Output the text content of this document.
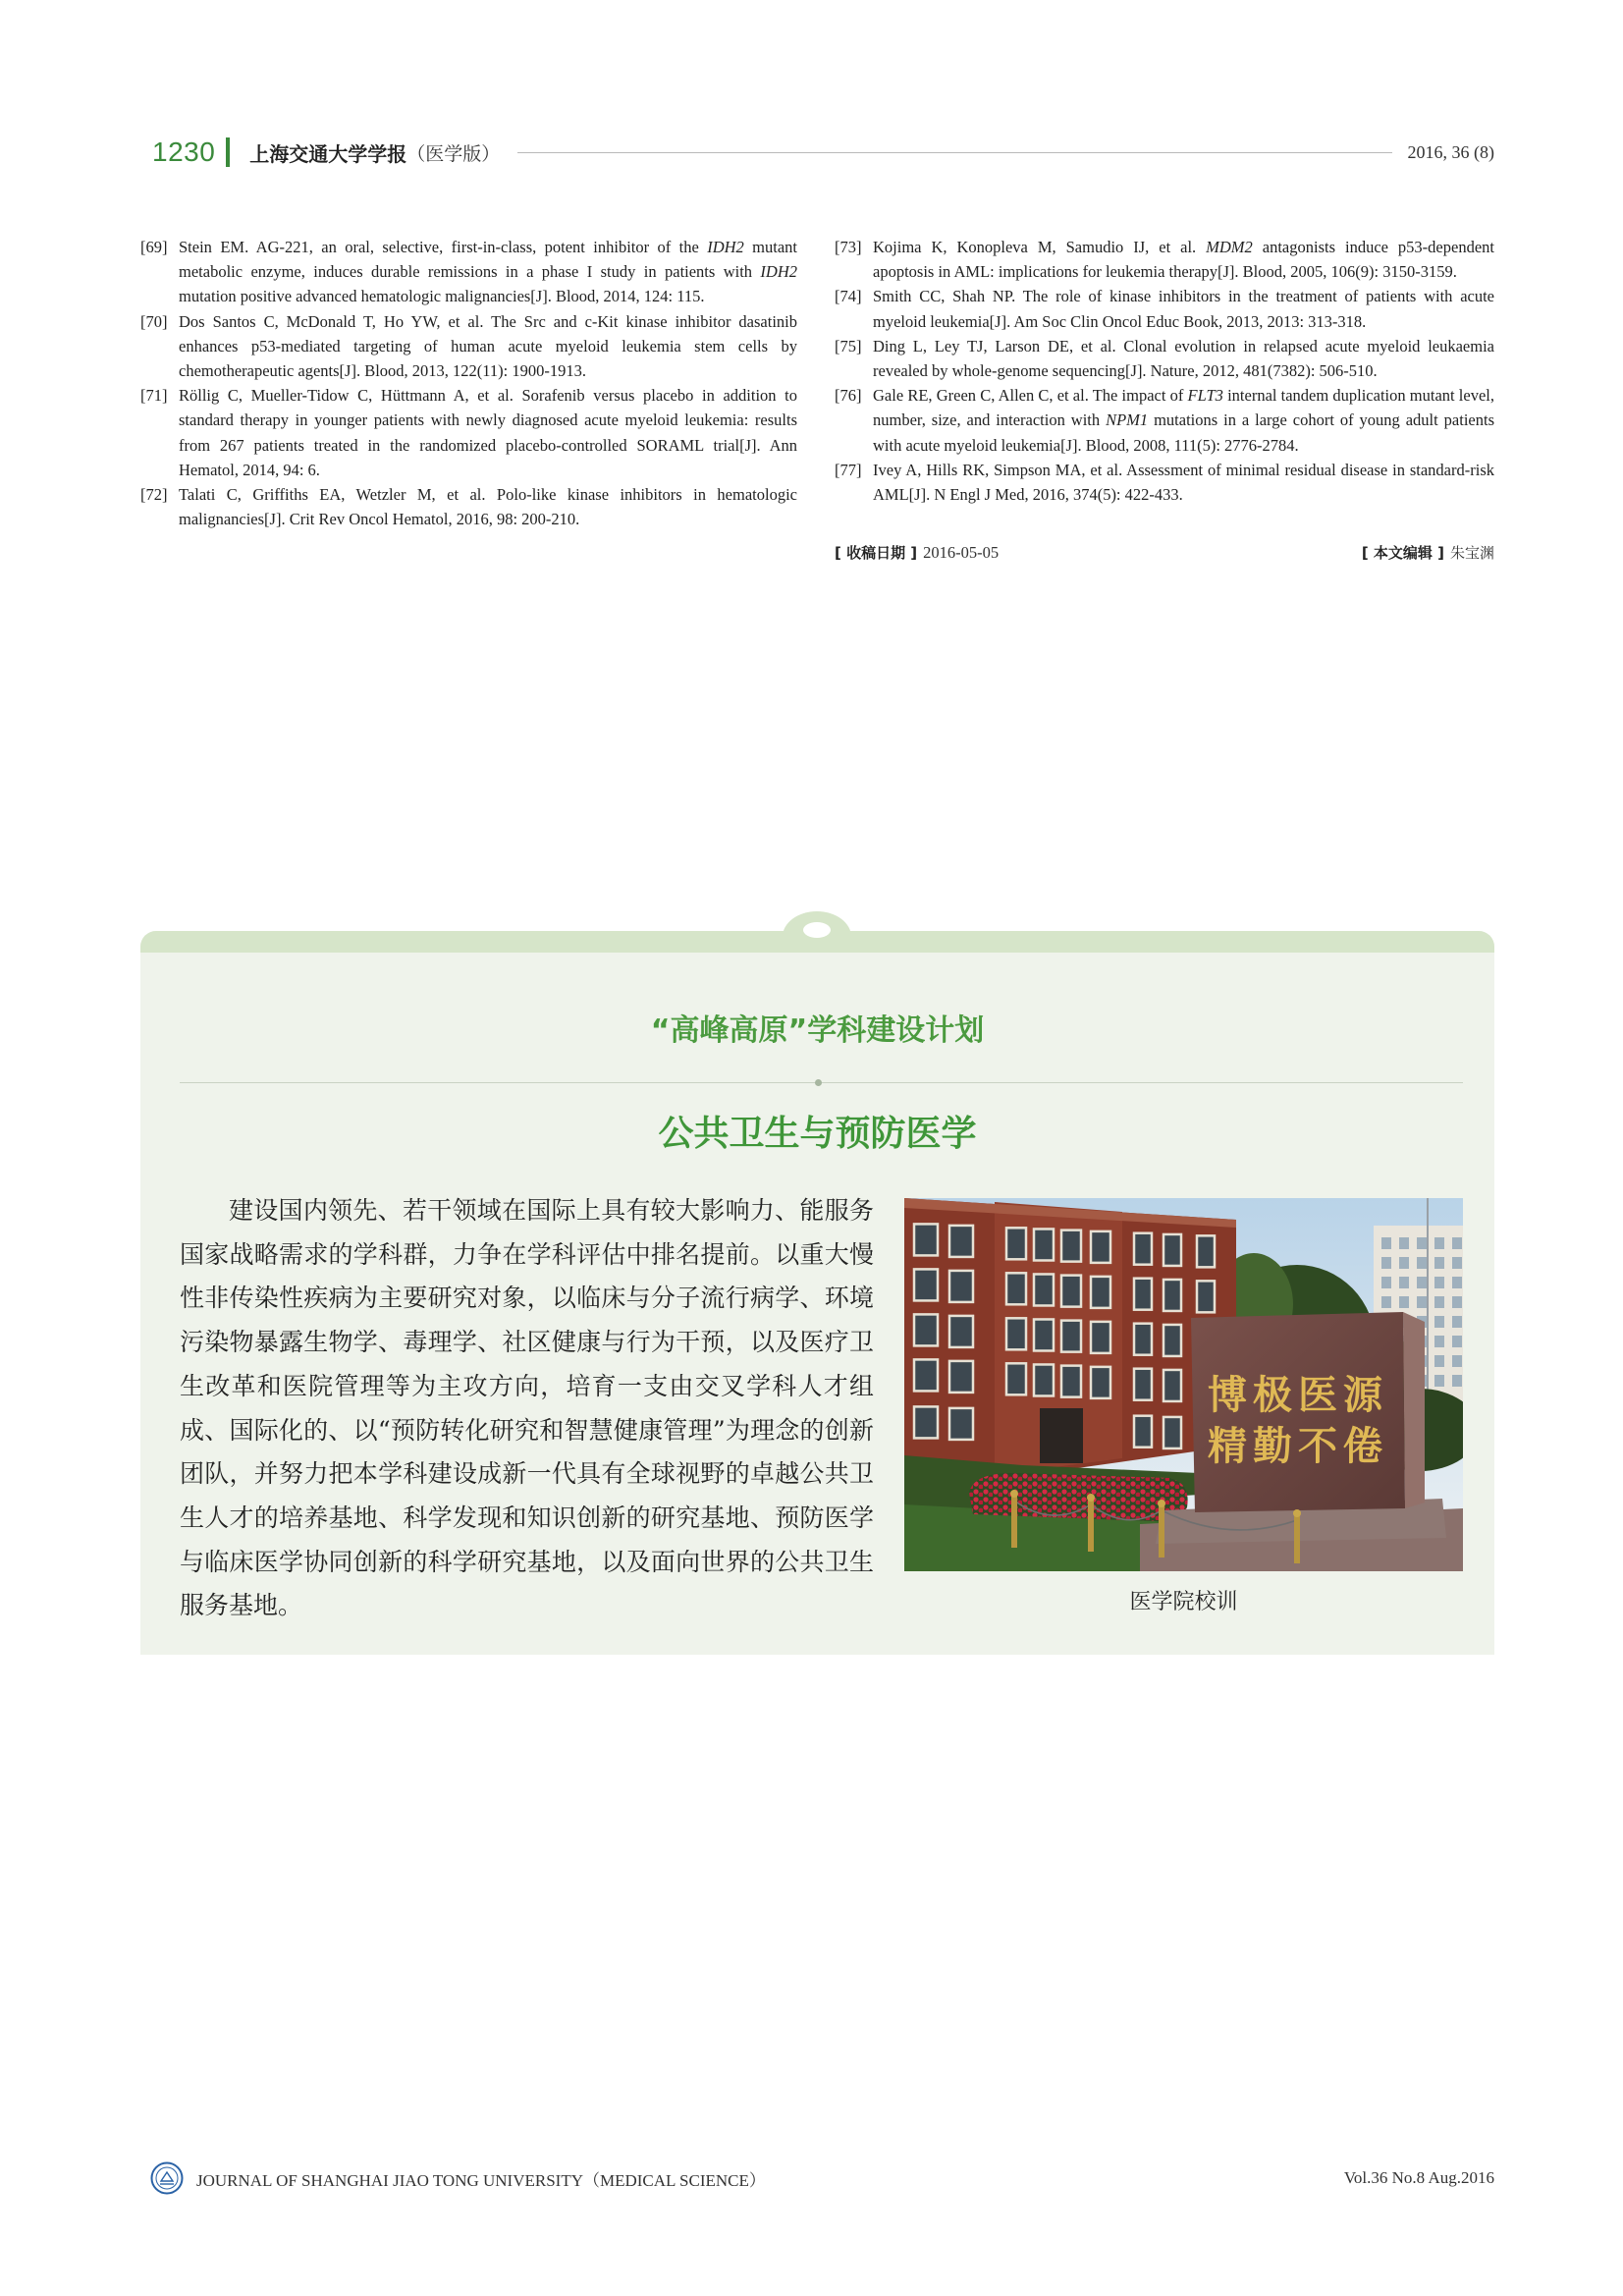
1230 上海交通大学学报 （医学版）	2016, 36 (8)
[69] Stein EM. AG-221, an oral, selective, first-in-class, potent inhibitor of the IDH2 mutant metabolic enzyme, induces durable remissions in a phase I study in patients with IDH2 mutation positive advanced hematologic malignancies[J]. Blood, 2014, 124: 115.
[70] Dos Santos C, McDonald T, Ho YW, et al. The Src and c-Kit kinase inhibitor dasatinib enhances p53-mediated targeting of human acute myeloid leukemia stem cells by chemotherapeutic agents[J]. Blood, 2013, 122(11): 1900-1913.
[71] Röllig C, Mueller-Tidow C, Hüttmann A, et al. Sorafenib versus placebo in addition to standard therapy in younger patients with newly diagnosed acute myeloid leukemia: results from 267 patients treated in the randomized placebo-controlled SORAML trial[J]. Ann Hematol, 2014, 94: 6.
[72] Talati C, Griffiths EA, Wetzler M, et al. Polo-like kinase inhibitors in hematologic malignancies[J]. Crit Rev Oncol Hematol, 2016, 98: 200-210.
[73] Kojima K, Konopleva M, Samudio IJ, et al. MDM2 antagonists induce p53-dependent apoptosis in AML: implications for leukemia therapy[J]. Blood, 2005, 106(9): 3150-3159.
[74] Smith CC, Shah NP. The role of kinase inhibitors in the treatment of patients with acute myeloid leukemia[J]. Am Soc Clin Oncol Educ Book, 2013, 2013: 313-318.
[75] Ding L, Ley TJ, Larson DE, et al. Clonal evolution in relapsed acute myeloid leukaemia revealed by whole-genome sequencing[J]. Nature, 2012, 481(7382): 506-510.
[76] Gale RE, Green C, Allen C, et al. The impact of FLT3 internal tandem duplication mutant level, number, size, and interaction with NPM1 mutations in a large cohort of young adult patients with acute myeloid leukemia[J]. Blood, 2008, 111(5): 2776-2784.
[77] Ivey A, Hills RK, Simpson MA, et al. Assessment of minimal residual disease in standard-risk AML[J]. N Engl J Med, 2016, 374(5): 422-433.
[ 收稿日期 ] 2016-05-05	[ 本文编辑 ] 朱宝渊
“高峰高原”学科建设计划
公共卫生与预防医学

建设国内领先、若干领域在国际上具有较大影响力、能服务国家战略需求的学科群，力争在学科评估中排名提前。以重大慢性非传染性疾病为主要研究对象，以临床与分子流行病学、环境污染物暴露生物学、毒理学、社区健康与行为干预，以及医疗卫生改革和医院管理等为主攻方向，培育一支由交叉学科人才组成、国际化的、以“预防转化研究和智慧健康管理”为理念的创新团队，并努力把本学科建设成新一代具有全球视野的卓越公共卫生人才的培养基地、科学发现和知识创新的研究基地、预防医学与临床医学协同创新的科学研究基地，以及面向世界的公共卫生服务基地。

博极医源
精勤不倦
医学院校训
JOURNAL OF SHANGHAI JIAO TONG UNIVERSITY（MEDICAL SCIENCE）	Vol.36 No.8 Aug.2016
